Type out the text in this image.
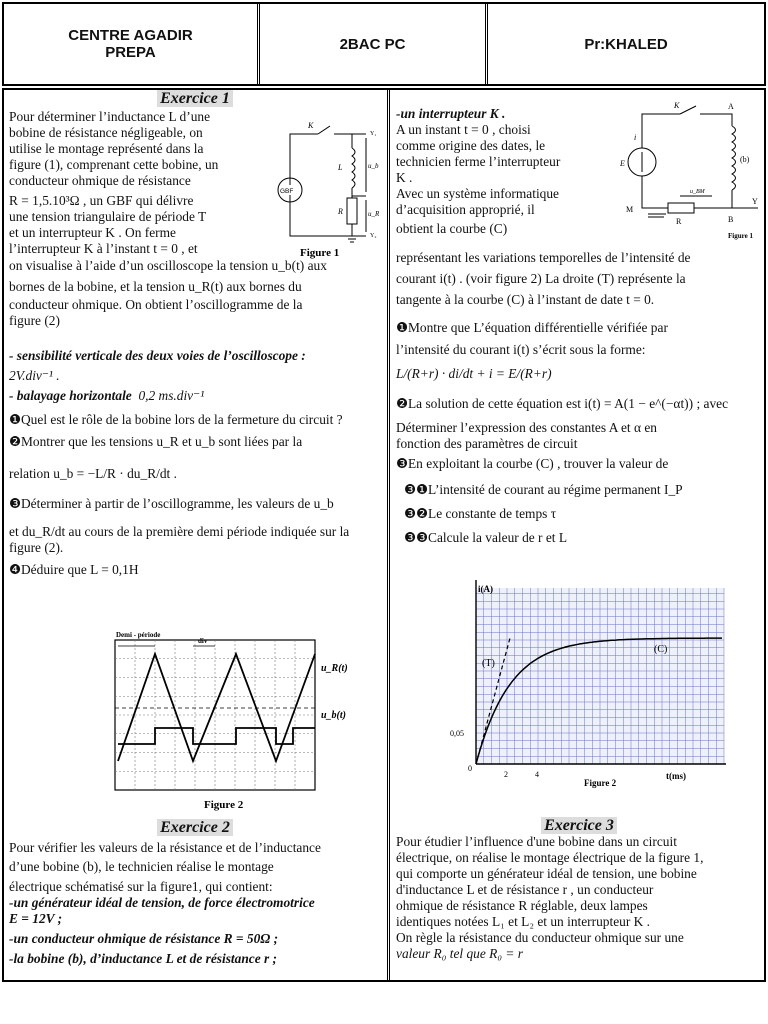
CENTRE AGADIR
PREPA	2BAC PC	Pr:KHALED
Exercice 1

Pour déterminer l’inductance L d’une

bobine de résistance négligeable, on

utilise le montage représenté dans la

figure (1), comprenant cette bobine, un

conducteur ohmique de résistance

R = 1,5.10³Ω , un GBF qui délivre

une tension triangulaire de période T

et un interrupteur K . On ferme

l’interrupteur K à l’instant t = 0 , et

GBF
K
L
R
u_b
u_R
Y₁
Y₂
Figure 1

on visualise à l’aide d’un oscilloscope la tension u_b(t) aux

bornes de la bobine, et la tension u_R(t) aux bornes du

conducteur ohmique. On obtient l’oscillogramme de la

figure (2)

- sensibilité verticale des deux voies de l’oscilloscope :

2V.div⁻¹ .

- balayage horizontale 0,2 ms.div⁻¹

❶Quel est le rôle de la bobine lors de la fermeture du circuit ?

❷Montrer que les tensions u_R et u_b sont liées par la

relation u_b = −L/R · du_R/dt .

❸Déterminer à partir de l’oscillogramme, les valeurs de u_b

et du_R/dt au cours de la première demi période indiquée sur la figure (2).

❹Déduire que L = 0,1H

Demi - période
div
u_R(t)
u_b(t)
Figure 2
Exercice 2

Pour vérifier les valeurs de la résistance et de l’inductance

d’une bobine (b), le technicien réalise le montage

électrique schématisé sur la figure1, qui contient:

-un générateur idéal de tension, de force électromotrice

E = 12V ;

-un conducteur ohmique de résistance R = 50Ω ;

-la bobine (b), d’inductance L et de résistance r ;

-un interrupteur K .

A un instant t = 0 , choisi

comme origine des dates, le

technicien ferme l’interrupteur

K .

Avec un système informatique

d’acquisition approprié, il

obtient la courbe (C)

K	A
B
M
E
i
(b)
R
Y
u_BM
Figure 1

représentant les variations temporelles de l’intensité de

courant i(t) . (voir figure 2) La droite (T) représente la

tangente à la courbe (C) à l’instant de date t = 0.

❶Montre que L’équation différentielle vérifiée par

l’intensité du courant i(t) s’écrit sous la forme:

L/(R+r) · di/dt + i = E/(R+r)

❷La solution de cette équation est i(t) = A(1 − e^(−αt)) ; avec

Déterminer l’expression des constantes A et α en

fonction des paramètres de circuit

❸En exploitant la courbe (C) , trouver la valeur de

❸❶L’intensité de courant au régime permanent I_P

❸❷Le constante de temps τ

❸❸Calcule la valeur de r et L

i(A)
t(ms)
0,05
0
2	4
(C)
(T)
Figure 2
Exercice 3

Pour étudier l’influence d'une bobine dans un circuit

électrique, on réalise le montage électrique de la figure 1,

qui comporte un générateur idéal de tension, une bobine

d'inductance L et de résistance r , un conducteur

ohmique de résistance R réglable, deux lampes

identiques notées L₁ et L₂ et un interrupteur K .

On règle la résistance du conducteur ohmique sur une

valeur R₀ tel que R₀ = r
